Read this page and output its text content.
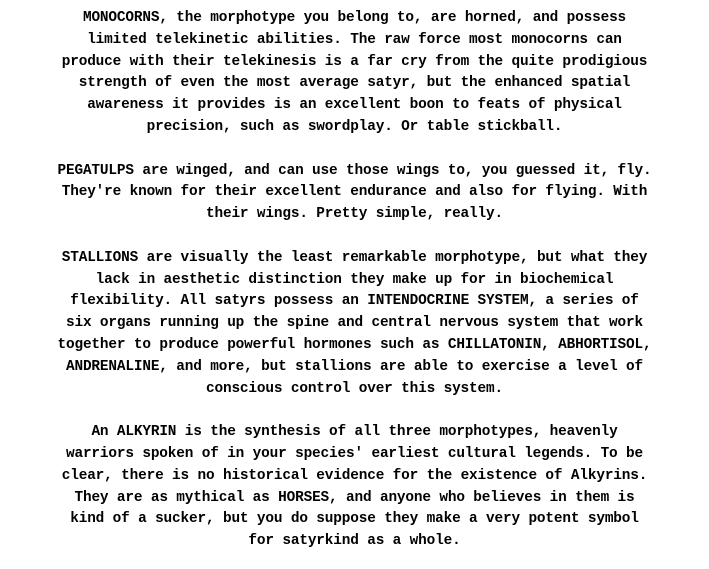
MONOCORNS, the morphotype you belong to, are horned, and possess
limited telekinetic abilities. The raw force most monocorns can
produce with their telekinesis is a far cry from the quite prodigious
strength of even the most average satyr, but the enhanced spatial
awareness it provides is an excellent boon to feats of physical
precision, such as swordplay. Or table stickball.
PEGATULPS are winged, and can use those wings to, you guessed it, fly.
They're known for their excellent endurance and also for flying. With
their wings. Pretty simple, really.
STALLIONS are visually the least remarkable morphotype, but what they
lack in aesthetic distinction they make up for in biochemical
flexibility. All satyrs possess an INTENDOCRINE SYSTEM, a series of
six organs running up the spine and central nervous system that work
together to produce powerful hormones such as CHILLATONIN, ABHORTISOL,
ANDRENALINE, and more, but stallions are able to exercise a level of
conscious control over this system.
An ALKYRIN is the synthesis of all three morphotypes, heavenly
warriors spoken of in your species' earliest cultural legends. To be
clear, there is no historical evidence for the existence of Alkyrins.
They are as mythical as HORSES, and anyone who believes in them is
kind of a sucker, but you do suppose they make a very potent symbol
for satyrkind as a whole.
